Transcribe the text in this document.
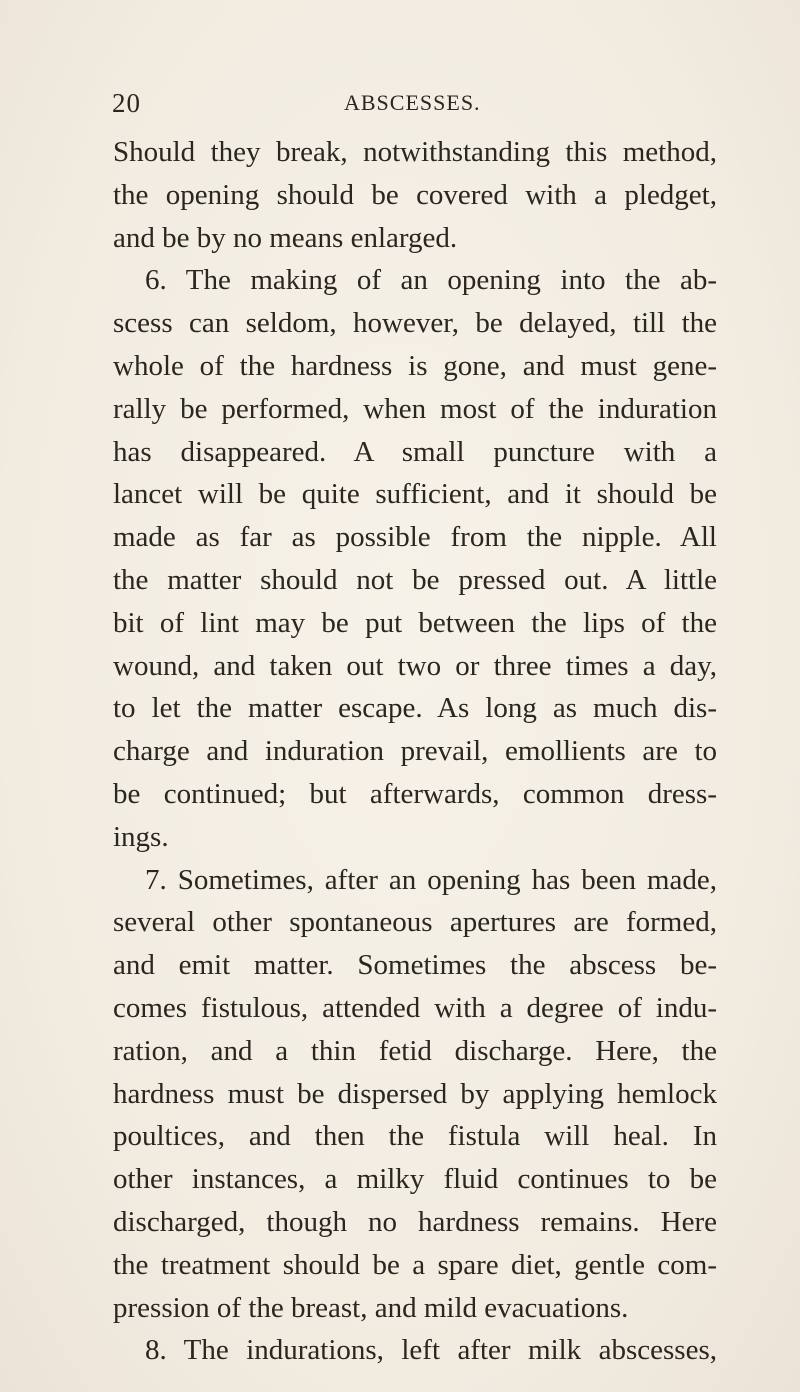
20	ABSCESSES.
Should they break, notwithstanding this method,
the opening should be covered with a pledget,
and be by no means enlarged.
6. The making of an opening into the ab-
scess can seldom, however, be delayed, till the
whole of the hardness is gone, and must gene-
rally be performed, when most of the induration
has disappeared. A small puncture with a
lancet will be quite sufficient, and it should be
made as far as possible from the nipple. All
the matter should not be pressed out. A little
bit of lint may be put between the lips of the
wound, and taken out two or three times a day,
to let the matter escape. As long as much dis-
charge and induration prevail, emollients are to
be continued; but afterwards, common dress-
ings.
7. Sometimes, after an opening has been made,
several other spontaneous apertures are formed,
and emit matter. Sometimes the abscess be-
comes fistulous, attended with a degree of indu-
ration, and a thin fetid discharge. Here, the
hardness must be dispersed by applying hemlock
poultices, and then the fistula will heal. In
other instances, a milky fluid continues to be
discharged, though no hardness remains. Here
the treatment should be a spare diet, gentle com-
pression of the breast, and mild evacuations.
8. The indurations, left after milk abscesses,
